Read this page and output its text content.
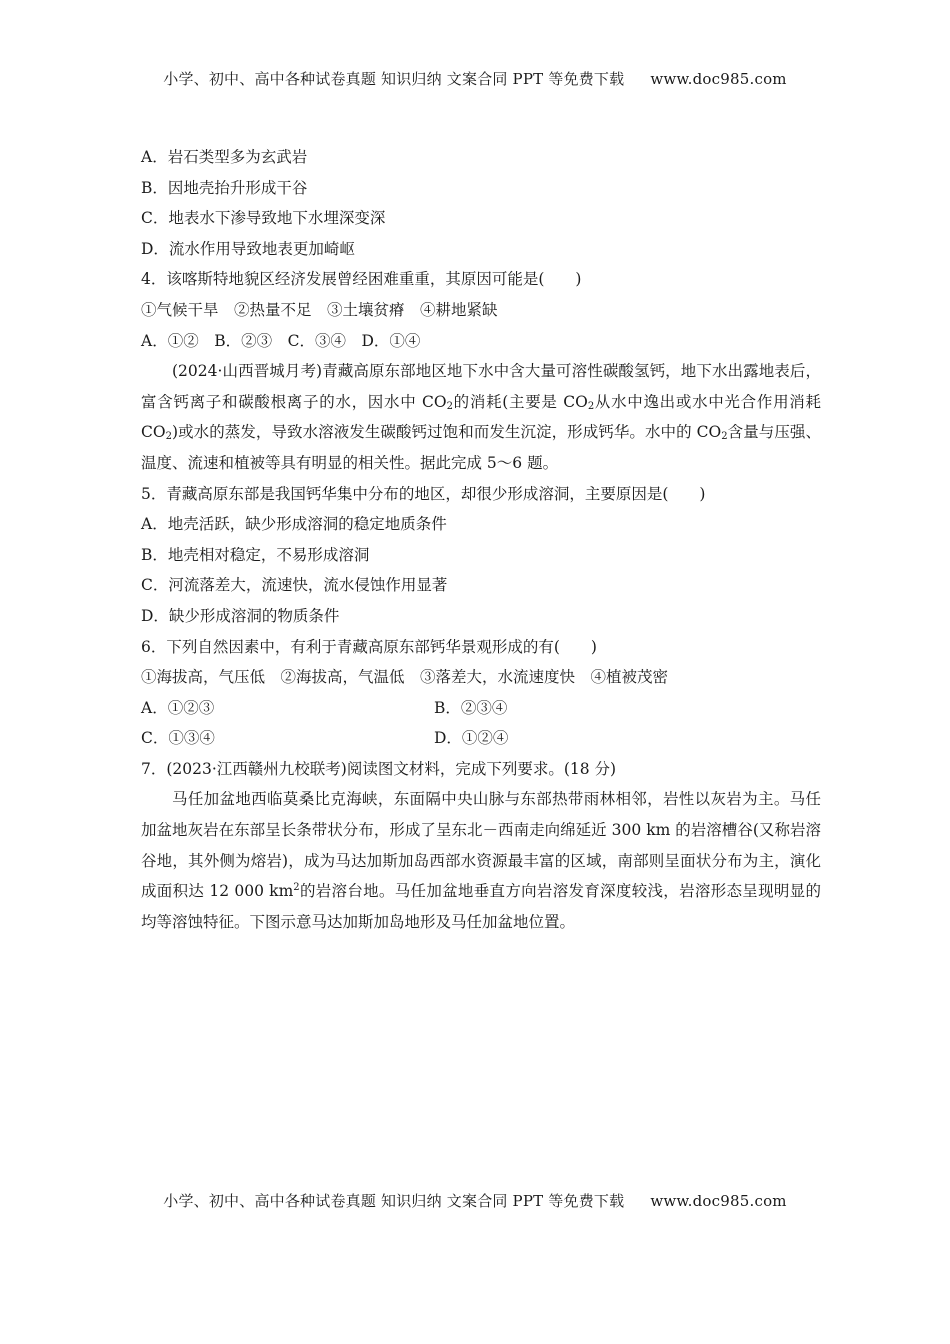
小学、初中、高中各种试卷真题 知识归纳 文案合同 PPT 等免费下载 www.doc985.com
A．岩石类型多为玄武岩
B．因地壳抬升形成干谷
C．地表水下渗导致地下水埋深变深
D．流水作用导致地表更加崎岖
4．该喀斯特地貌区经济发展曾经困难重重，其原因可能是(　　)
①气候干旱　②热量不足　③土壤贫瘠　④耕地紧缺
A．①②　B．②③　C．③④　D．①④
(2024·山西晋城月考)青藏高原东部地区地下水中含大量可溶性碳酸氢钙，地下水出露地表后，富含钙离子和碳酸根离子的水，因水中 $CO_2$的消耗(主要是 $CO_2$从水中逸出或水中光合作用消耗 $CO_2$)或水的蒸发，导致水溶液发生碳酸钙过饱和而发生沉淀，形成钙华。水中的 $CO_2$含量与压强、温度、流速和植被等具有明显的相关性。据此完成 5～6 题。
5．青藏高原东部是我国钙华集中分布的地区，却很少形成溶洞，主要原因是(　　)
A．地壳活跃，缺少形成溶洞的稳定地质条件
B．地壳相对稳定，不易形成溶洞
C．河流落差大，流速快，流水侵蚀作用显著
D．缺少形成溶洞的物质条件
6．下列自然因素中，有利于青藏高原东部钙华景观形成的有(　　)
①海拔高，气压低　②海拔高，气温低　③落差大，水流速度快　④植被茂密
A．①②③	B．②③④
C．①③④	D．①②④
7．(2023·江西赣州九校联考)阅读图文材料，完成下列要求。(18 分)
马任加盆地西临莫桑比克海峡，东面隔中央山脉与东部热带雨林相邻，岩性以灰岩为主。马任加盆地灰岩在东部呈长条带状分布，形成了呈东北－西南走向绵延近 300 km 的岩溶槽谷(又称岩溶谷地，其外侧为熔岩)，成为马达加斯加岛西部水资源最丰富的区域，南部则呈面状分布为主，演化成面积达 12 000 $km^2$的岩溶台地。马任加盆地垂直方向岩溶发育深度较浅，岩溶形态呈现明显的均等溶蚀特征。下图示意马达加斯加岛地形及马任加盆地位置。
小学、初中、高中各种试卷真题 知识归纳 文案合同 PPT 等免费下载 www.doc985.com
